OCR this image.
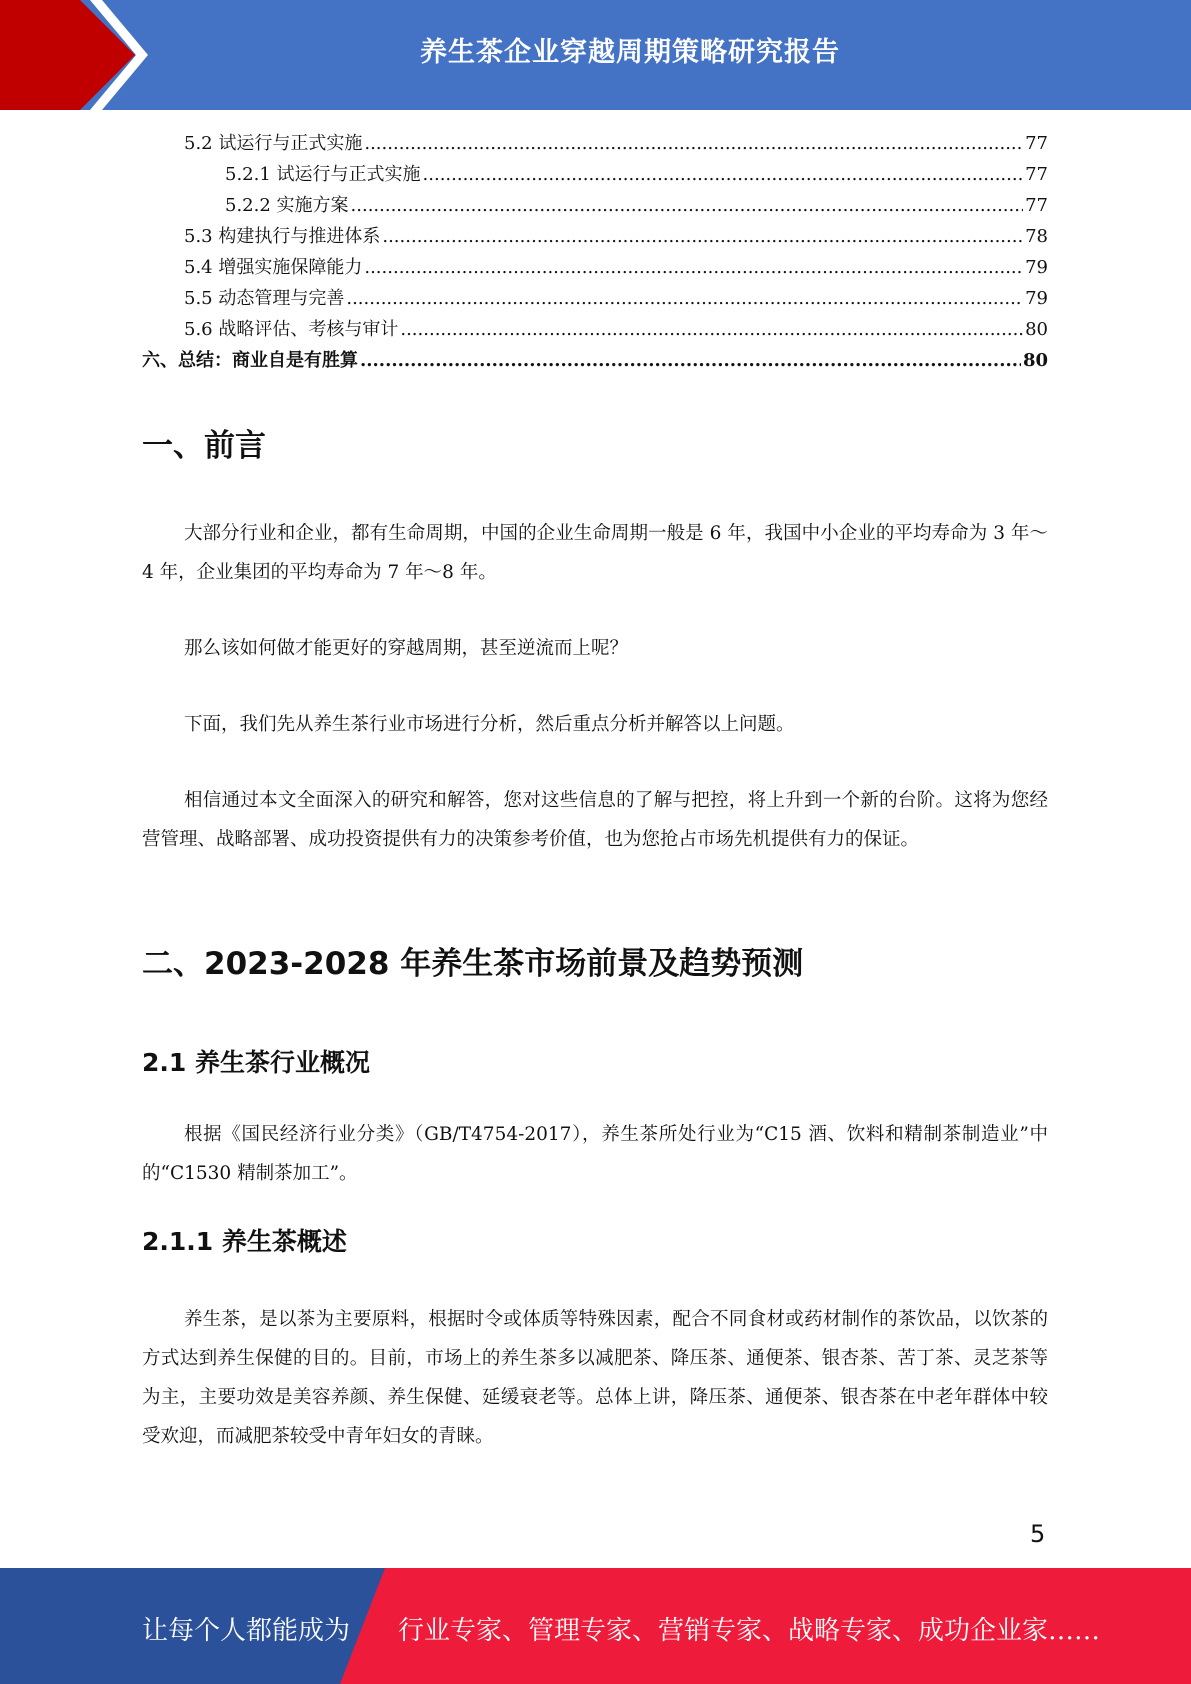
养生茶企业穿越周期策略研究报告
5.2 试运行与正式实施 .....	77
5.2.1 试运行与正式实施 .....	77
5.2.2 实施方案 .....	77
5.3 构建执行与推进体系 .....	78
5.4 增强实施保障能力 .....	79
5.5 动态管理与完善 .....	79
5.6 战略评估、考核与审计 .....	80
六、总结：商业自是有胜算 .....	80
一、前言
大部分行业和企业，都有生命周期，中国的企业生命周期一般是 6 年，我国中小企业的平均寿命为 3 年～4 年，企业集团的平均寿命为 7 年～8 年。
那么该如何做才能更好的穿越周期，甚至逆流而上呢？
下面，我们先从养生茶行业市场进行分析，然后重点分析并解答以上问题。
相信通过本文全面深入的研究和解答，您对这些信息的了解与把控，将上升到一个新的台阶。这将为您经营管理、战略部署、成功投资提供有力的决策参考价值，也为您抢占市场先机提供有力的保证。
二、2023-2028 年养生茶市场前景及趋势预测
2.1 养生茶行业概况
根据《国民经济行业分类》（GB/T4754-2017），养生茶所处行业为“C15 酒、饮料和精制茶制造业”中的“C1530 精制茶加工”。
2.1.1 养生茶概述
养生茶，是以茶为主要原料，根据时令或体质等特殊因素，配合不同食材或药材制作的茶饮品，以饮茶的方式达到养生保健的目的。目前，市场上的养生茶多以减肥茶、降压茶、通便茶、银杏茶、苦丁茶、灵芝茶等为主，主要功效是美容养颜、养生保健、延缓衰老等。总体上讲，降压茶、通便茶、银杏茶在中老年群体中较受欢迎，而减肥茶较受中青年妇女的青睐。
5
让每个人都能成为 行业专家、管理专家、营销专家、战略专家、成功企业家……
